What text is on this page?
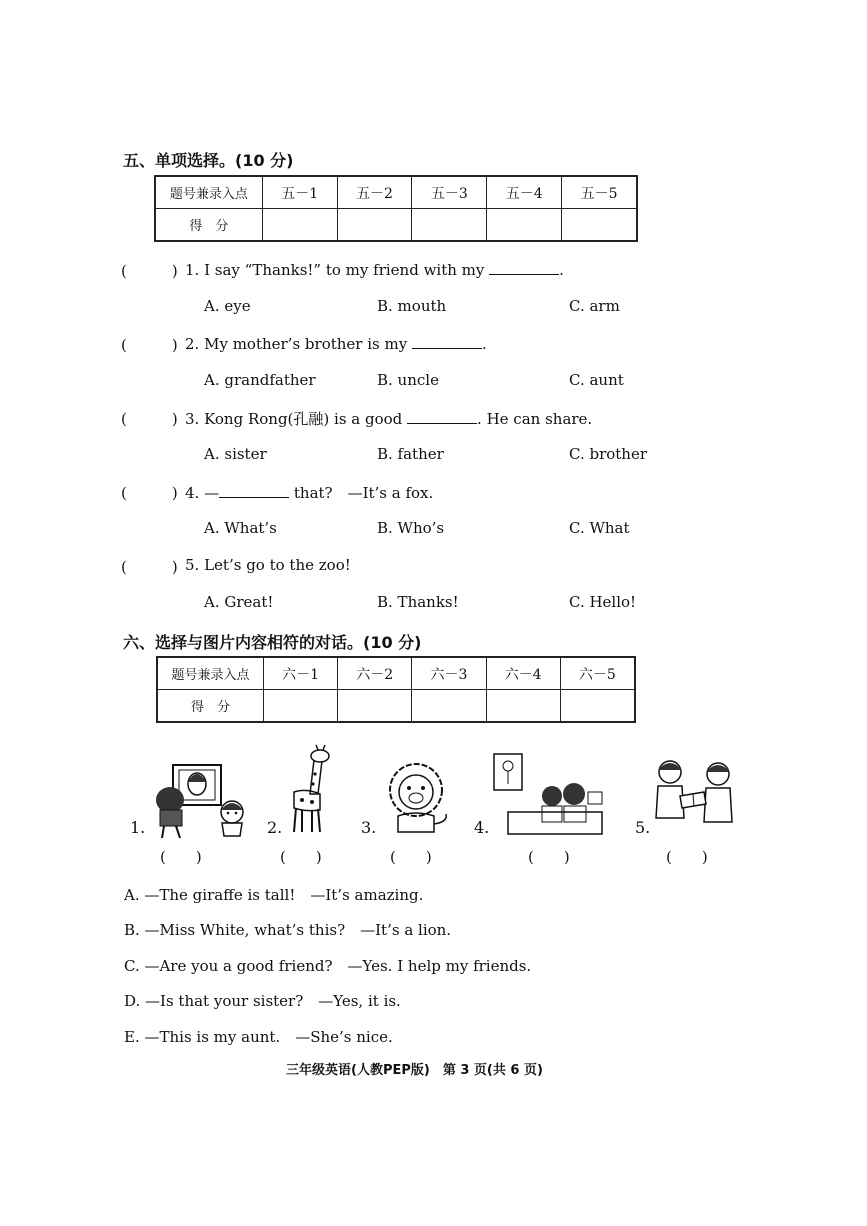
五、单项选择。(10 分)
题号兼录入点	五－1	五－2	五－3	五－4	五－5
得　分					
(　　　) 1. I say “Thanks!” to my friend with my	.
A. eye	B. mouth	C. arm
(　　　) 2. My mother’s brother is my	.
A. grandfather	B. uncle	C. aunt
(　　　) 3. Kong Rong(孔融) is a good	. He can share.
A. sister	B. father	C. brother
(　　　) 4. —	that?　—It’s a fox.
A. What’s	B. Who’s	C. What
(　　　) 5. Let’s go to the zoo!
A. Great!	B. Thanks!	C. Hello!
六、选择与图片内容相符的对话。(10 分)
题号兼录入点	六－1	六－2	六－3	六－4	六－5
得　分					
1.
(　　)
2.
(　　)
3.
(　　)
4.
(　　)
5.
(　　)
A. —The giraffe is tall!　—It’s amazing.
B. —Miss White, what’s this?　—It’s a lion.
C. —Are you a good friend?　—Yes. I help my friends.
D. —Is that your sister?　—Yes, it is.
E. —This is my aunt.　—She’s nice.
三年级英语(人教PEP版)　第 3 页(共 6 页)
